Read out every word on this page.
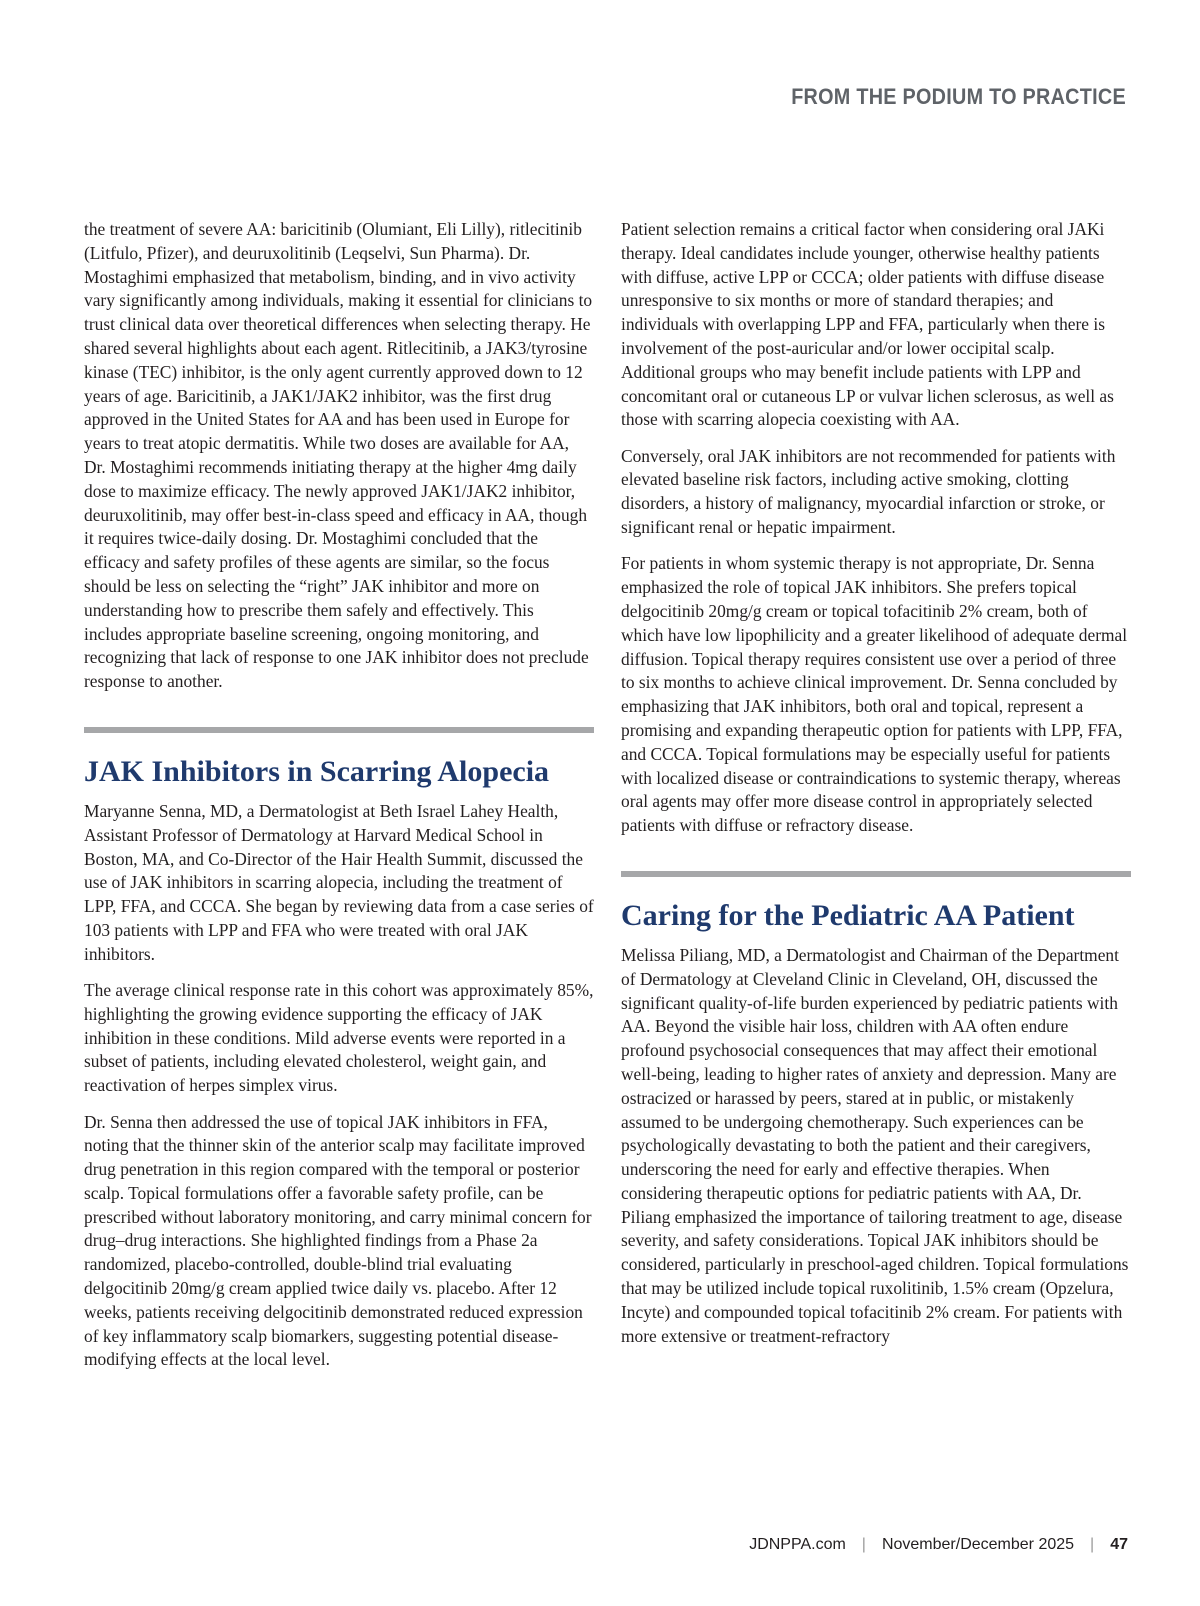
FROM THE PODIUM TO PRACTICE

the treatment of severe AA: baricitinib (Olumiant, Eli Lilly), ritlecitinib (Litfulo, Pfizer), and deuruxolitinib (Leqselvi, Sun Pharma). Dr. Mostaghimi emphasized that metabolism, binding, and in vivo activity vary significantly among individuals, making it essential for clinicians to trust clinical data over theoretical differences when selecting therapy. He shared several highlights about each agent. Ritlecitinib, a JAK3/tyrosine kinase (TEC) inhibitor, is the only agent currently approved down to 12 years of age. Baricitinib, a JAK1/JAK2 inhibitor, was the first drug approved in the United States for AA and has been used in Europe for years to treat atopic dermatitis. While two doses are available for AA, Dr. Mostaghimi recommends initiating therapy at the higher 4mg daily dose to maximize efficacy. The newly approved JAK1/JAK2 inhibitor, deuruxolitinib, may offer best-in-class speed and efficacy in AA, though it requires twice-daily dosing. Dr. Mostaghimi concluded that the efficacy and safety profiles of these agents are similar, so the focus should be less on selecting the “right” JAK inhibitor and more on understanding how to prescribe them safely and effectively. This includes appropriate baseline screening, ongoing monitoring, and recognizing that lack of response to one JAK inhibitor does not preclude response to another.

JAK Inhibitors in Scarring Alopecia

Maryanne Senna, MD, a Dermatologist at Beth Israel Lahey Health, Assistant Professor of Dermatology at Harvard Medical School in Boston, MA, and Co-Director of the Hair Health Summit, discussed the use of JAK inhibitors in scarring alopecia, including the treatment of LPP, FFA, and CCCA. She began by reviewing data from a case series of 103 patients with LPP and FFA who were treated with oral JAK inhibitors.

The average clinical response rate in this cohort was approximately 85%, highlighting the growing evidence supporting the efficacy of JAK inhibition in these conditions. Mild adverse events were reported in a subset of patients, including elevated cholesterol, weight gain, and reactivation of herpes simplex virus.

Dr. Senna then addressed the use of topical JAK inhibitors in FFA, noting that the thinner skin of the anterior scalp may facilitate improved drug penetration in this region compared with the temporal or posterior scalp. Topical formulations offer a favorable safety profile, can be prescribed without laboratory monitoring, and carry minimal concern for drug–drug interactions. She highlighted findings from a Phase 2a randomized, placebo-controlled, double-blind trial evaluating delgocitinib 20mg/g cream applied twice daily vs. placebo. After 12 weeks, patients receiving delgocitinib demonstrated reduced expression of key inflammatory scalp biomarkers, suggesting potential disease-modifying effects at the local level.

Patient selection remains a critical factor when considering oral JAKi therapy. Ideal candidates include younger, otherwise healthy patients with diffuse, active LPP or CCCA; older patients with diffuse disease unresponsive to six months or more of standard therapies; and individuals with overlapping LPP and FFA, particularly when there is involvement of the post-auricular and/or lower occipital scalp. Additional groups who may benefit include patients with LPP and concomitant oral or cutaneous LP or vulvar lichen sclerosus, as well as those with scarring alopecia coexisting with AA.

Conversely, oral JAK inhibitors are not recommended for patients with elevated baseline risk factors, including active smoking, clotting disorders, a history of malignancy, myocardial infarction or stroke, or significant renal or hepatic impairment.

For patients in whom systemic therapy is not appropriate, Dr. Senna emphasized the role of topical JAK inhibitors. She prefers topical delgocitinib 20mg/g cream or topical tofacitinib 2% cream, both of which have low lipophilicity and a greater likelihood of adequate dermal diffusion. Topical therapy requires consistent use over a period of three to six months to achieve clinical improvement. Dr. Senna concluded by emphasizing that JAK inhibitors, both oral and topical, represent a promising and expanding therapeutic option for patients with LPP, FFA, and CCCA. Topical formulations may be especially useful for patients with localized disease or contraindications to systemic therapy, whereas oral agents may offer more disease control in appropriately selected patients with diffuse or refractory disease.

Caring for the Pediatric AA Patient

Melissa Piliang, MD, a Dermatologist and Chairman of the Department of Dermatology at Cleveland Clinic in Cleveland, OH, discussed the significant quality-of-life burden experienced by pediatric patients with AA. Beyond the visible hair loss, children with AA often endure profound psychosocial consequences that may affect their emotional well-being, leading to higher rates of anxiety and depression. Many are ostracized or harassed by peers, stared at in public, or mistakenly assumed to be undergoing chemotherapy. Such experiences can be psychologically devastating to both the patient and their caregivers, underscoring the need for early and effective therapies. When considering therapeutic options for pediatric patients with AA, Dr. Piliang emphasized the importance of tailoring treatment to age, disease severity, and safety considerations. Topical JAK inhibitors should be considered, particularly in preschool-aged children. Topical formulations that may be utilized include topical ruxolitinib, 1.5% cream (Opzelura, Incyte) and compounded topical tofacitinib 2% cream. For patients with more extensive or treatment-refractory

JDNPPA.com | November/December 2025 | 47
